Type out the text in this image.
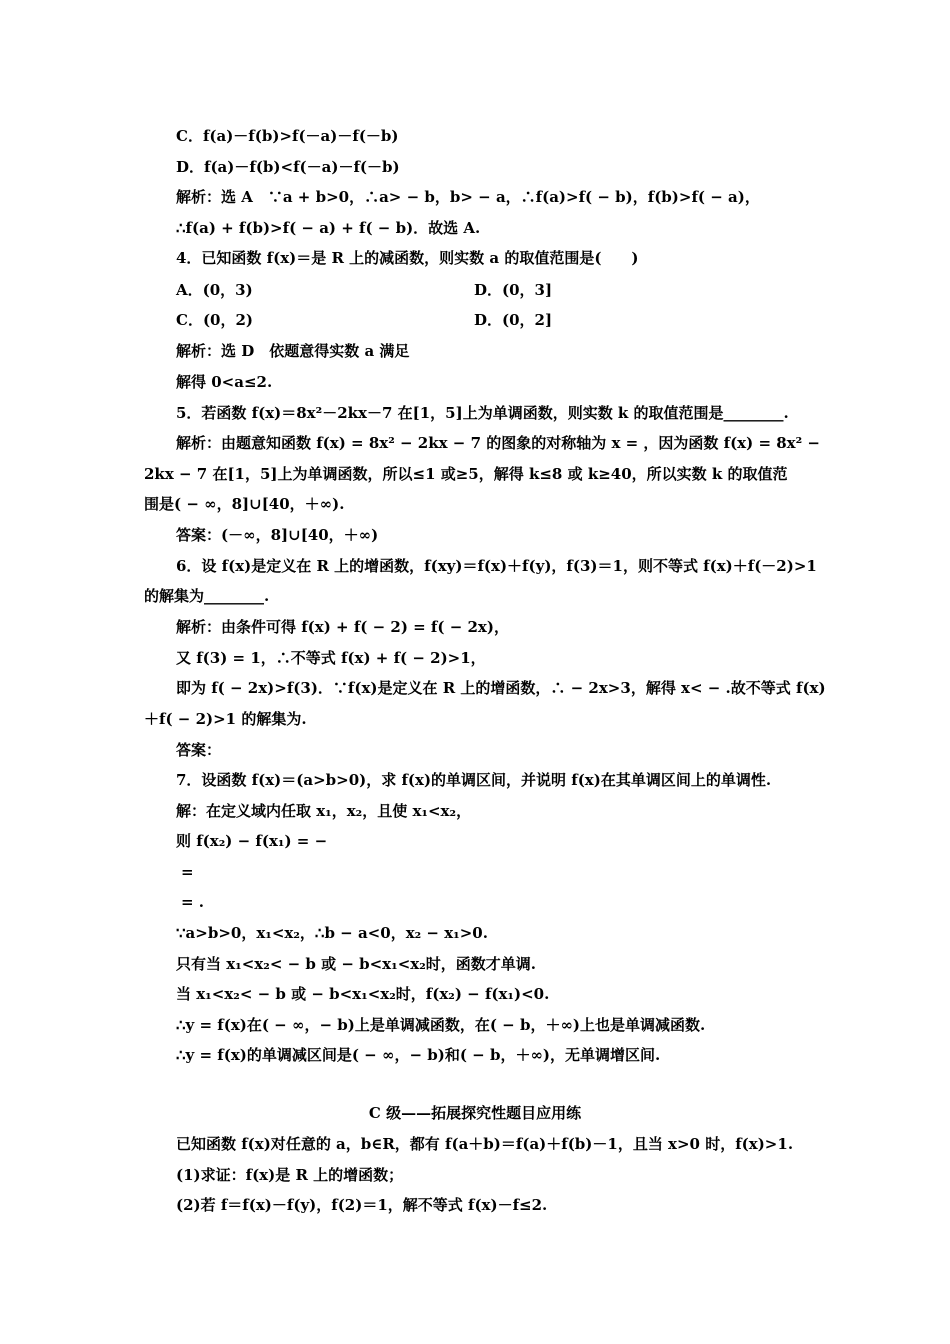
C．f(a)－f(b)>f(－a)－f(－b)
D．f(a)－f(b)<f(－a)－f(－b)
解析：选 A　∵a + b>0，∴a> − b，b> − a，∴f(a)>f( − b)，f(b)>f( − a)，
∴f(a) + f(b)>f( − a) + f( − b)．故选 A.
4．已知函数 f(x)＝是 R 上的减函数，则实数 a 的取值范围是(　　)
A．(0，3)	D．(0，3]
C．(0，2)	D．(0，2]
解析：选 D　依题意得实数 a 满足
解得 0<a≤2.
5．若函数 f(x)＝8x²－2kx－7 在[1，5]上为单调函数，则实数 k 的取值范围是________.
解析：由题意知函数 f(x) = 8x² − 2kx − 7 的图象的对称轴为 x = ，因为函数 f(x) = 8x² −
2kx − 7 在[1，5]上为单调函数，所以≤1 或≥5，解得 k≤8 或 k≥40，所以实数 k 的取值范
围是( − ∞，8]∪[40，＋∞).
答案：(－∞，8]∪[40，＋∞)
6．设 f(x)是定义在 R 上的增函数，f(xy)＝f(x)＋f(y)，f(3)＝1，则不等式 f(x)＋f(－2)>1
的解集为________.
解析：由条件可得 f(x) + f( − 2) = f( − 2x)，
又 f(3) = 1，∴不等式 f(x) + f( − 2)>1，
即为 f( − 2x)>f(3)．∵f(x)是定义在 R 上的增函数，∴ − 2x>3，解得 x< − .故不等式 f(x)
＋f( − 2)>1 的解集为.
答案：
7．设函数 f(x)＝(a>b>0)，求 f(x)的单调区间，并说明 f(x)在其单调区间上的单调性.
解：在定义域内任取 x₁，x₂，且使 x₁<x₂，
则 f(x₂) − f(x₁) = −
=
= .
∵a>b>0，x₁<x₂，∴b − a<0，x₂ − x₁>0.
只有当 x₁<x₂< − b 或 − b<x₁<x₂时，函数才单调.
当 x₁<x₂< − b 或 − b<x₁<x₂时，f(x₂) − f(x₁)<0.
∴y = f(x)在( − ∞，− b)上是单调减函数，在( − b，＋∞)上也是单调减函数.
∴y = f(x)的单调减区间是( − ∞，− b)和( − b，＋∞)，无单调增区间.
C 级——拓展探究性题目应用练
已知函数 f(x)对任意的 a，b∈R，都有 f(a＋b)＝f(a)＋f(b)－1，且当 x>0 时，f(x)>1.
(1)求证：f(x)是 R 上的增函数；
(2)若 f＝f(x)－f(y)，f(2)＝1，解不等式 f(x)－f≤2.
